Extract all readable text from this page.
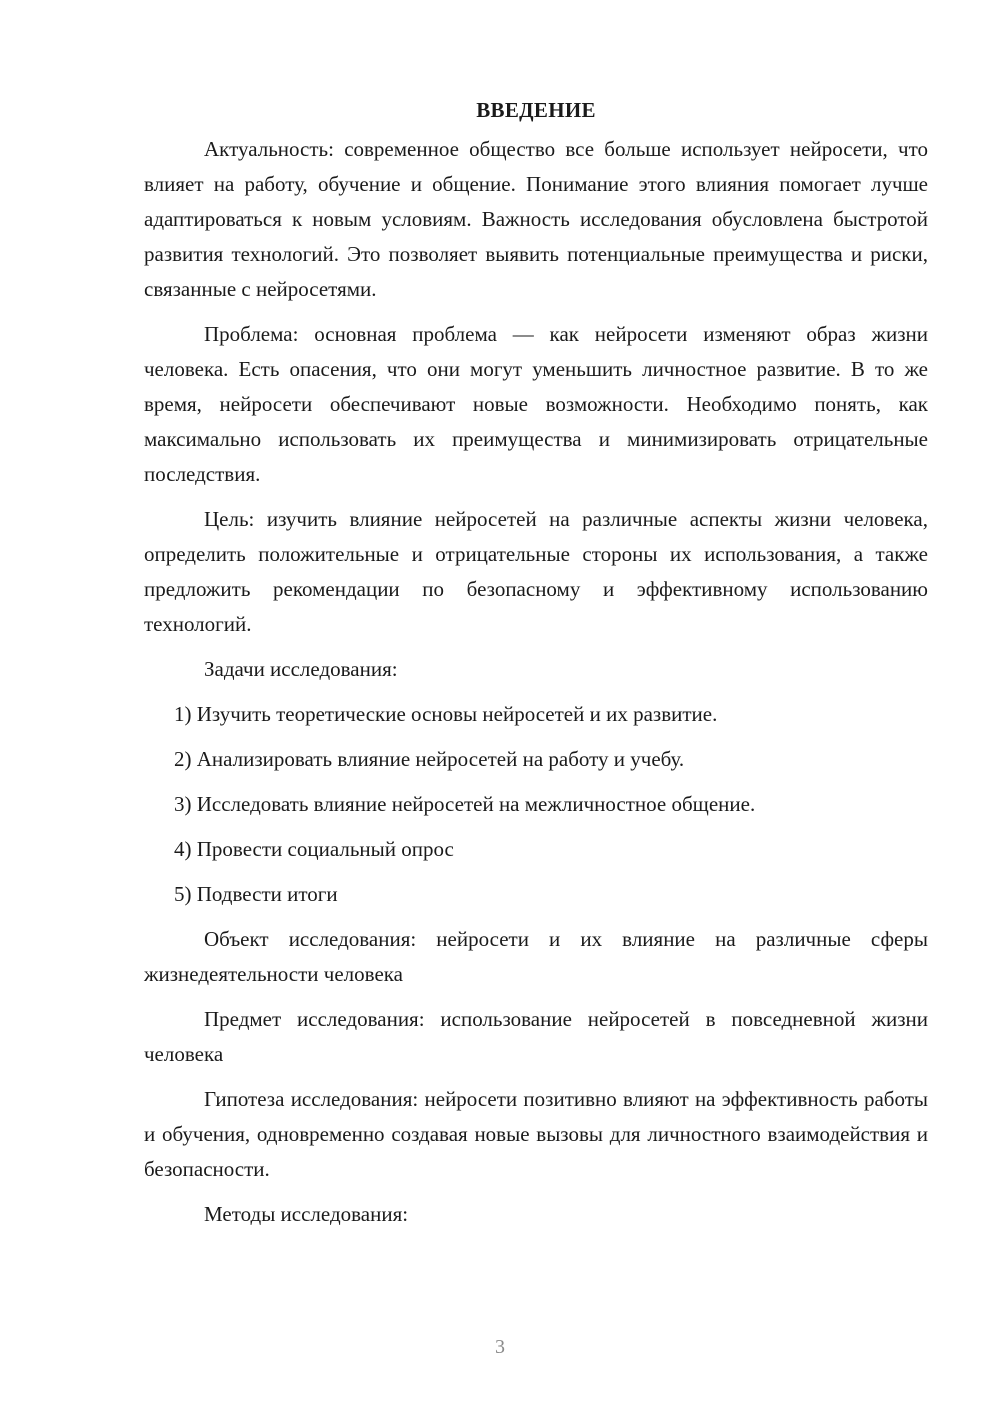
ВВЕДЕНИЕ

Актуальность: современное общество все больше использует нейросети, что влияет на работу, обучение и общение. Понимание этого влияния помогает лучше адаптироваться к новым условиям. Важность исследования обусловлена быстротой развития технологий. Это позволяет выявить потенциальные преимущества и риски, связанные с нейросетями.

Проблема: основная проблема — как нейросети изменяют образ жизни человека. Есть опасения, что они могут уменьшить личностное развитие. В то же время, нейросети обеспечивают новые возможности. Необходимо понять, как максимально использовать их преимущества и минимизировать отрицательные последствия.

Цель: изучить влияние нейросетей на различные аспекты жизни человека, определить положительные и отрицательные стороны их использования, а также предложить рекомендации по безопасному и эффективному использованию технологий.

Задачи исследования:

1) Изучить теоретические основы нейросетей и их развитие.
2) Анализировать влияние нейросетей на работу и учебу.
3) Исследовать влияние нейросетей на межличностное общение.
4) Провести социальный опрос
5) Подвести итоги

Объект исследования: нейросети и их влияние на различные сферы жизнедеятельности человека

Предмет исследования: использование нейросетей в повседневной жизни человека

Гипотеза исследования: нейросети позитивно влияют на эффективность работы и обучения, одновременно создавая новые вызовы для личностного взаимодействия и безопасности.

Методы исследования:

3
